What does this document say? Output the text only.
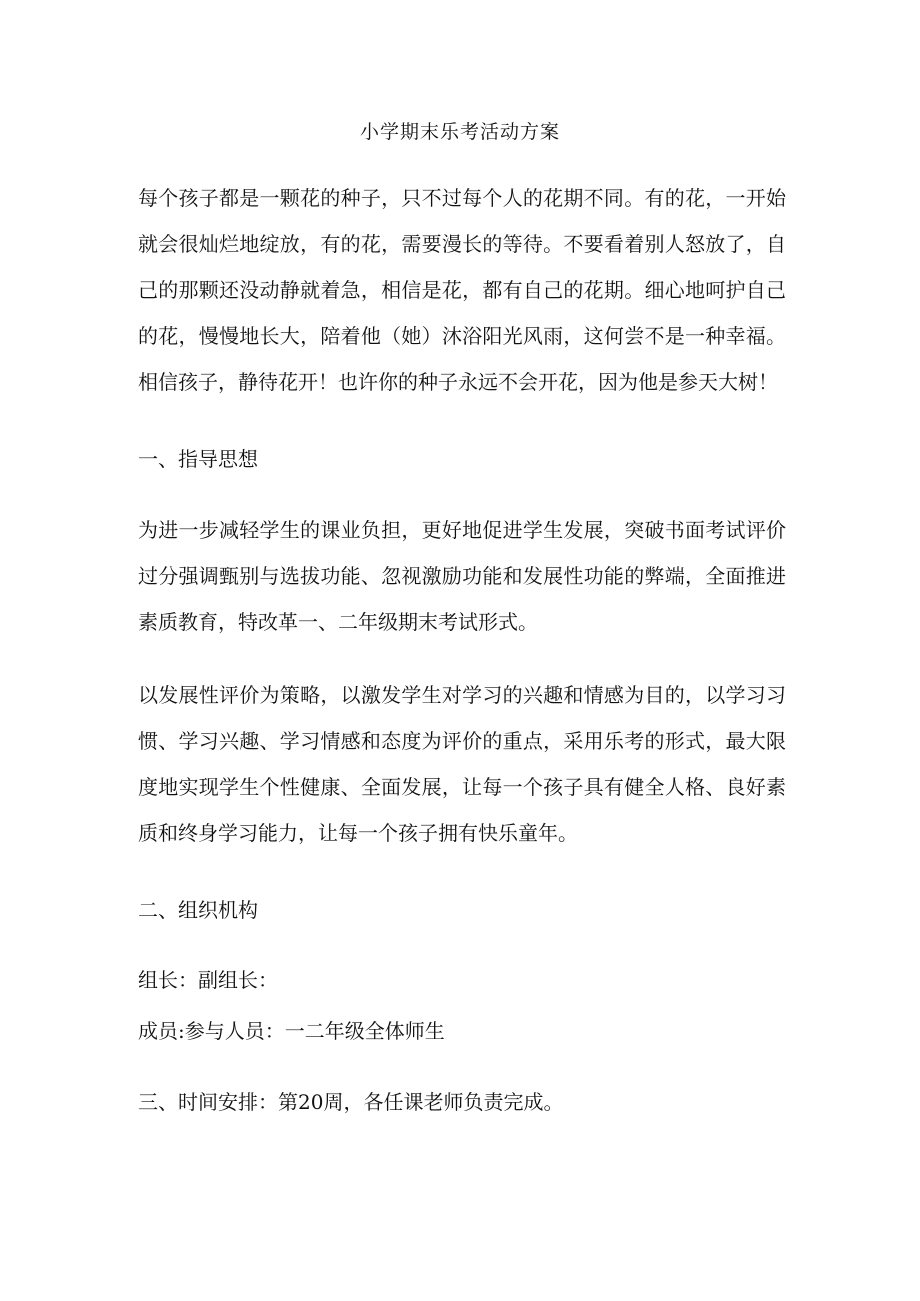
小学期末乐考活动方案
每个孩子都是一颗花的种子，只不过每个人的花期不同。有的花，一开始就会很灿烂地绽放，有的花，需要漫长的等待。不要看着别人怒放了，自己的那颗还没动静就着急，相信是花，都有自己的花期。细心地呵护自己的花，慢慢地长大，陪着他（她）沐浴阳光风雨，这何尝不是一种幸福。相信孩子，静待花开！也许你的种子永远不会开花，因为他是参天大树！
一、指导思想
为进一步减轻学生的课业负担，更好地促进学生发展，突破书面考试评价过分强调甄别与选拔功能、忽视激励功能和发展性功能的弊端，全面推进素质教育，特改革一、二年级期末考试形式。
以发展性评价为策略，以激发学生对学习的兴趣和情感为目的，以学习习惯、学习兴趣、学习情感和态度为评价的重点，采用乐考的形式，最大限度地实现学生个性健康、全面发展，让每一个孩子具有健全人格、良好素质和终身学习能力，让每一个孩子拥有快乐童年。
二、组织机构
组长：副组长：
成员:参与人员：一二年级全体师生
三、时间安排：第20周，各任课老师负责完成。
